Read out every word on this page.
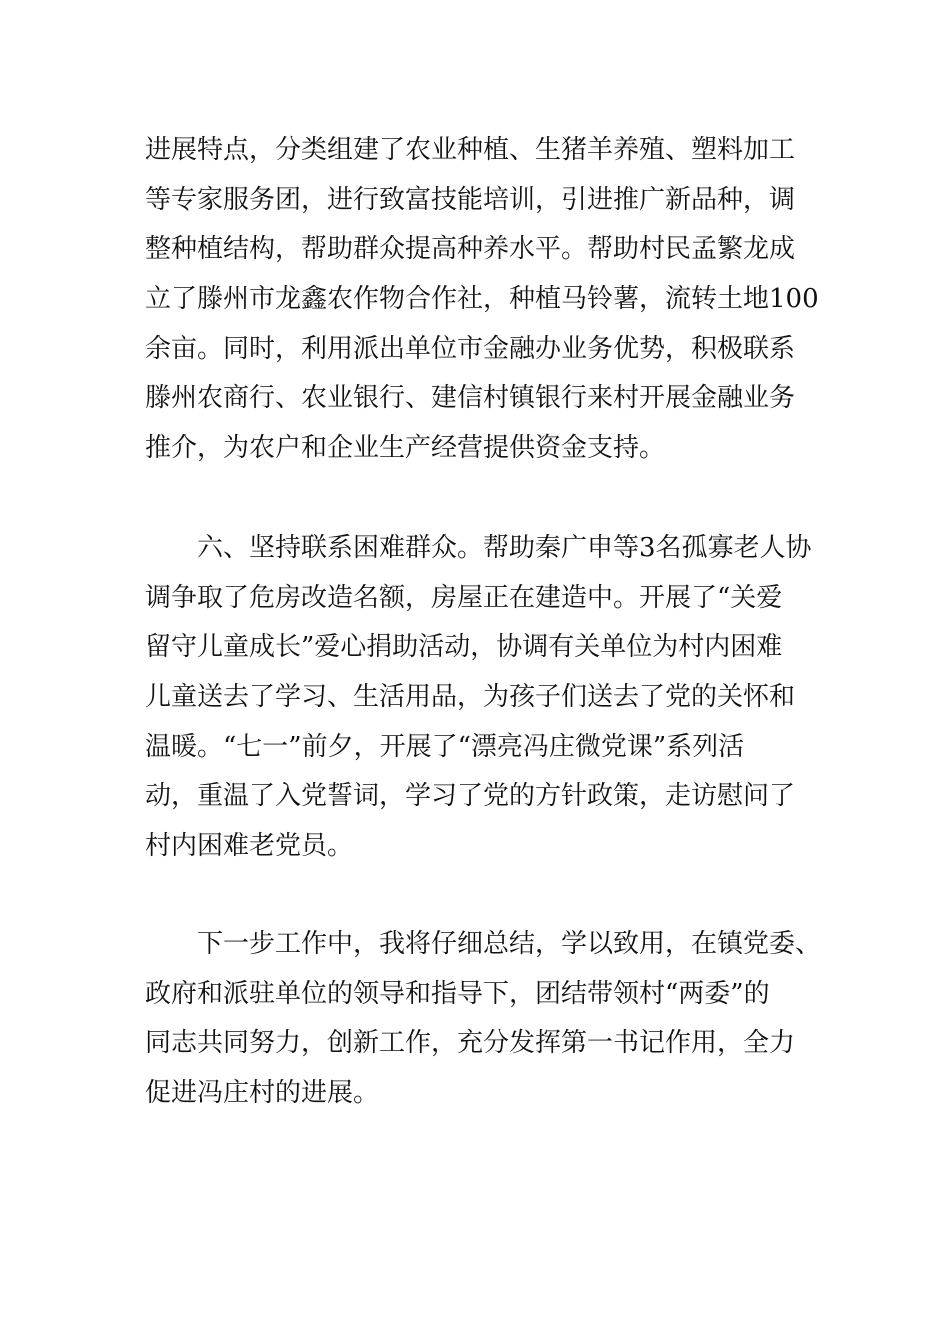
进展特点，分类组建了农业种植、生猪羊养殖、塑料加工
等专家服务团，进行致富技能培训，引进推广新品种，调
整种植结构，帮助群众提高种养水平。帮助村民孟繁龙成
立了滕州市龙鑫农作物合作社，种植马铃薯，流转土地100
余亩。同时，利用派出单位市金融办业务优势，积极联系
滕州农商行、农业银行、建信村镇银行来村开展金融业务
推介，为农户和企业生产经营提供资金支持。
六、坚持联系困难群众。帮助秦广申等3名孤寡老人协
调争取了危房改造名额，房屋正在建造中。开展了“关爱
留守儿童成长”爱心捐助活动，协调有关单位为村内困难
儿童送去了学习、生活用品，为孩子们送去了党的关怀和
温暖。“七一”前夕，开展了“漂亮冯庄微党课”系列活
动，重温了入党誓词，学习了党的方针政策，走访慰问了
村内困难老党员。
下一步工作中，我将仔细总结，学以致用，在镇党委、
政府和派驻单位的领导和指导下，团结带领村“两委”的
同志共同努力，创新工作，充分发挥第一书记作用，全力
促进冯庄村的进展。
